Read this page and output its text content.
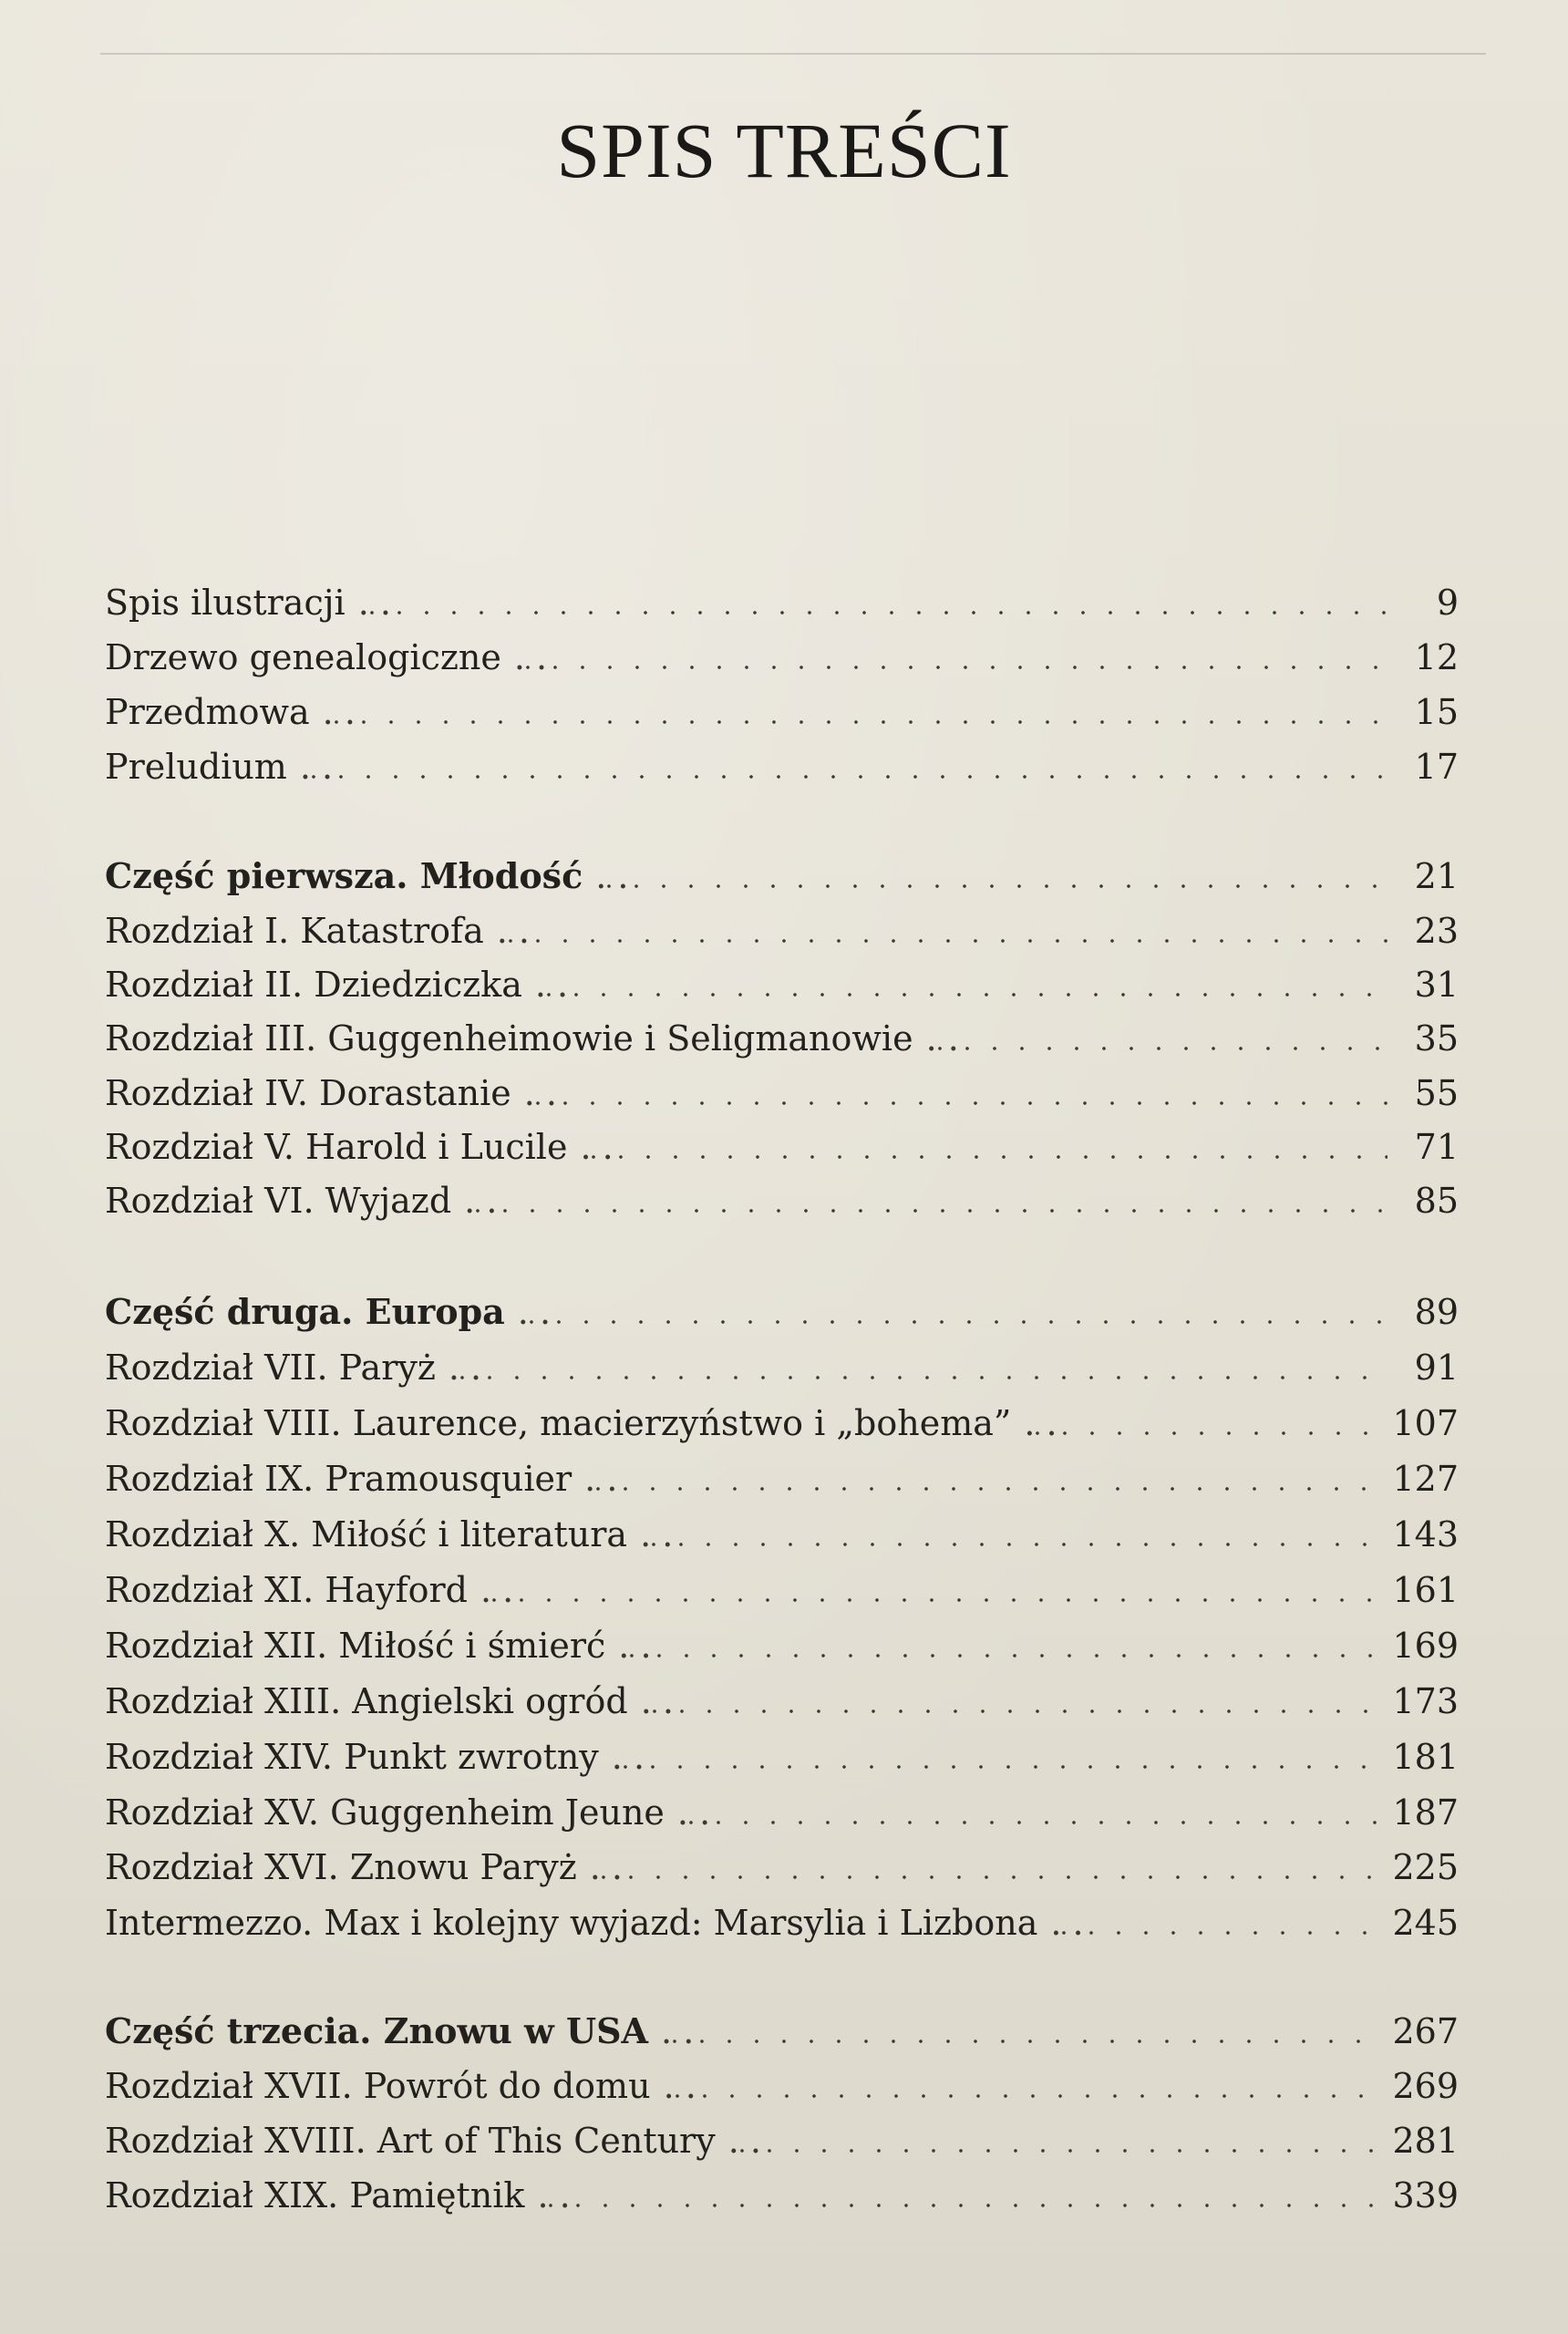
SPIS TREŚCI
Spis ilustracji .	9
Drzewo genealogiczne .	12
Przedmowa .	15
Preludium .	17
Część pierwsza. Młodość .	21
Rozdział I. Katastrofa .	23
Rozdział II. Dziedziczka .	31
Rozdział III. Guggenheimowie i Seligmanowie .	35
Rozdział IV. Dorastanie .	55
Rozdział V. Harold i Lucile .	71
Rozdział VI. Wyjazd .	85
Część druga. Europa .	89
Rozdział VII. Paryż .	91
Rozdział VIII. Laurence, macierzyństwo i „bohema” .	107
Rozdział IX. Pramousquier .	127
Rozdział X. Miłość i literatura .	143
Rozdział XI. Hayford .	161
Rozdział XII. Miłość i śmierć .	169
Rozdział XIII. Angielski ogród .	173
Rozdział XIV. Punkt zwrotny .	181
Rozdział XV. Guggenheim Jeune .	187
Rozdział XVI. Znowu Paryż .	225
Intermezzo. Max i kolejny wyjazd: Marsylia i Lizbona .	245
Część trzecia. Znowu w USA .	267
Rozdział XVII. Powrót do domu .	269
Rozdział XVIII. Art of This Century .	281
Rozdział XIX. Pamiętnik .	339
